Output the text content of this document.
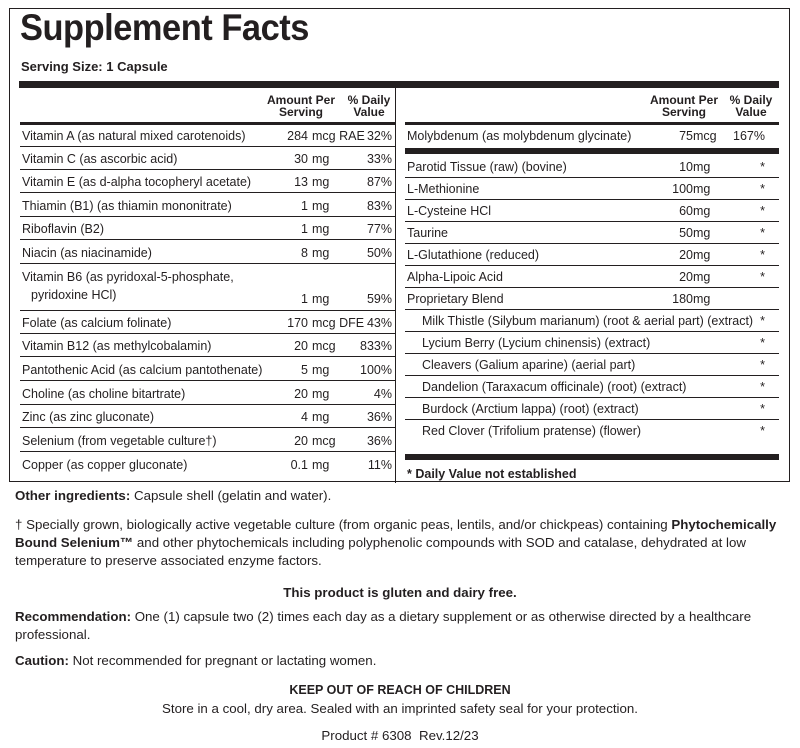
Supplement Facts
Serving Size: 1 Capsule
Amount Per
Serving
% Daily
Value
Amount Per
Serving
% Daily
Value
Vitamin A (as natural mixed carotenoids)	284 mcg RAE 32%
Vitamin C (as ascorbic acid)	30 mg	33%
Vitamin E (as d-alpha tocopheryl acetate)	13 mg	87%
Thiamin (B1) (as thiamin mononitrate)	1 mg	83%
Riboflavin (B2)	1 mg	77%
Niacin (as niacinamide)	8 mg	50%
Vitamin B6 (as pyridoxal-5-phosphate,
pyridoxine HCl)	1 mg	59%
Folate (as calcium folinate)	170 mcg DFE 43%
Vitamin B12 (as methylcobalamin)	20 mcg 833%
Pantothenic Acid (as calcium pantothenate)	5 mg 100%
Choline (as choline bitartrate)	20 mg	4%
Zinc (as zinc gluconate)	4 mg	36%
Selenium (from vegetable culture†)	20 mcg	36%
Copper (as copper gluconate)	0.1 mg	11%
Molybdenum (as molybdenum glycinate)	75 mcg 167%
Parotid Tissue (raw) (bovine)	10 mg	*
L-Methionine	100 mg	*
L-Cysteine HCl	60 mg	*
Taurine	50 mg	*
L-Glutathione (reduced)	20 mg	*
Alpha-Lipoic Acid	20 mg	*
Proprietary Blend	180 mg
Milk Thistle (Silybum marianum) (root & aerial part) (extract) *
Lycium Berry (Lycium chinensis) (extract)	*
Cleavers (Galium aparine) (aerial part)	*
Dandelion (Taraxacum officinale) (root) (extract)	*
Burdock (Arctium lappa) (root) (extract)	*
Red Clover (Trifolium pratense) (flower)	*
* Daily Value not established
Other ingredients: Capsule shell (gelatin and water).
† Specially grown, biologically active vegetable culture (from organic peas, lentils, and/or chickpeas) containing Phytochemically Bound Selenium™ and other phytochemicals including polyphenolic compounds with SOD and catalase, dehydrated at low temperature to preserve associated enzyme factors.
This product is gluten and dairy free.
Recommendation: One (1) capsule two (2) times each day as a dietary supplement or as otherwise directed by a healthcare professional.
Caution: Not recommended for pregnant or lactating women.
KEEP OUT OF REACH OF CHILDREN
Store in a cool, dry area. Sealed with an imprinted safety seal for your protection.
Product # 6308  Rev.12/23
